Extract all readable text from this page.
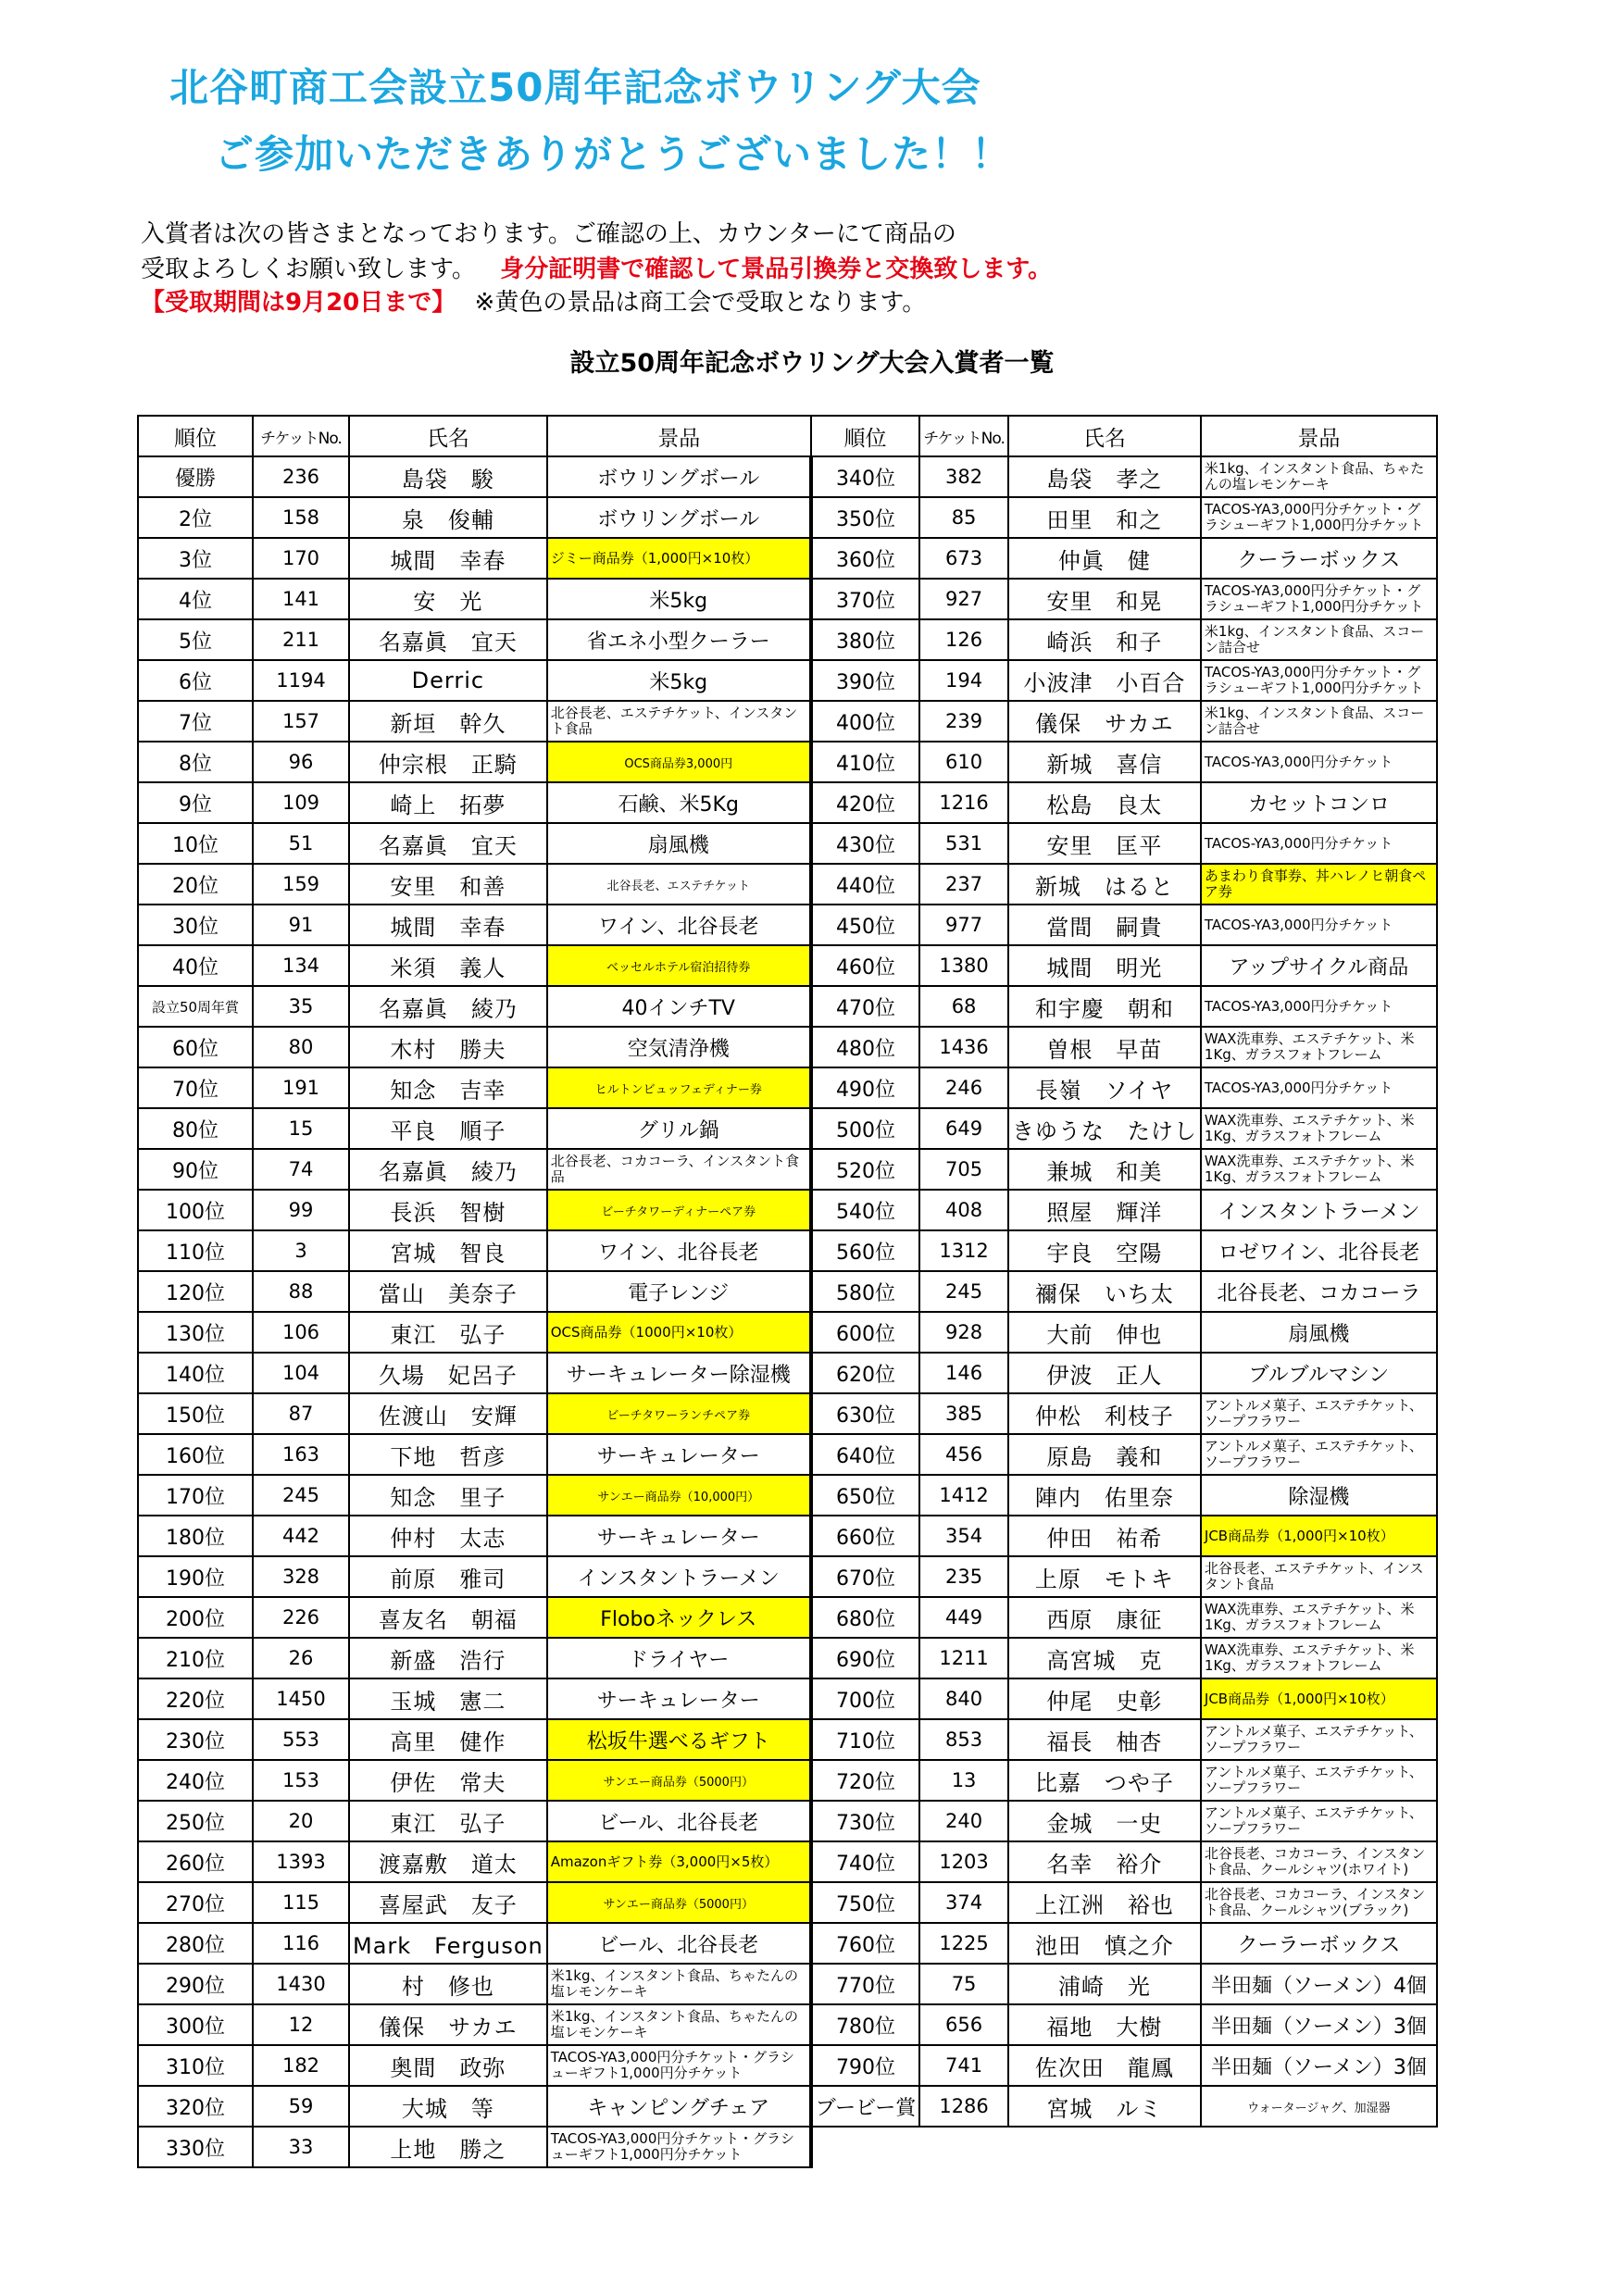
北谷町商工会設立50周年記念ボウリング大会
ご参加いただきありがとうございました！！
入賞者は次の皆さまとなっております。ご確認の上、カウンターにて商品の
受取よろしくお願い致します。 身分証明書で確認して景品引換券と交換致します。
【受取期間は9月20日まで】 ※黄色の景品は商工会で受取となります。
設立50周年記念ボウリング大会入賞者一覧
順位	チケットNo.	氏名	景品	順位	チケットNo.	氏名	景品
優勝	236	島袋　駿	ボウリングボール	340位	382	島袋　孝之	米1kg、インスタント食品、ちゃたんの塩レモンケーキ
2位	158	泉　俊輔	ボウリングボール	350位	85	田里　和之	TACOS-YA3,000円分チケット・グラシューギフト1,000円分チケット
3位	170	城間　幸春	ジミー商品券（1,000円×10枚）	360位	673	仲眞　健	クーラーボックス
4位	141	安　光	米5kg	370位	927	安里　和晃	TACOS-YA3,000円分チケット・グラシューギフト1,000円分チケット
5位	211	名嘉眞　宜天	省エネ小型クーラー	380位	126	崎浜　和子	米1kg、インスタント食品、スコーン詰合せ
6位	1194	Derric	米5kg	390位	194	小波津　小百合	TACOS-YA3,000円分チケット・グラシューギフト1,000円分チケット
7位	157	新垣　幹久	北谷長老、エステチケット、インスタント食品	400位	239	儀保　サカエ	米1kg、インスタント食品、スコーン詰合せ
8位	96	仲宗根　正騎	OCS商品券3,000円	410位	610	新城　喜信	TACOS-YA3,000円分チケット
9位	109	崎上　拓夢	石鹸、米5Kg	420位	1216	松島　良太	カセットコンロ
10位	51	名嘉眞　宜天	扇風機	430位	531	安里　匡平	TACOS-YA3,000円分チケット
20位	159	安里　和善	北谷長老、エステチケット	440位	237	新城　はると	あまわり食事券、丼ハレノヒ朝食ペア券
30位	91	城間　幸春	ワイン、北谷長老	450位	977	當間　嗣貴	TACOS-YA3,000円分チケット
40位	134	米須　義人	ベッセルホテル宿泊招待券	460位	1380	城間　明光	アップサイクル商品
設立50周年賞	35	名嘉眞　綾乃	40インチTV	470位	68	和宇慶　朝和	TACOS-YA3,000円分チケット
60位	80	木村　勝夫	空気清浄機	480位	1436	曽根　早苗	WAX洗車券、エステチケット、米1Kg、ガラスフォトフレーム
70位	191	知念　吉幸	ヒルトンビュッフェディナー券	490位	246	長嶺　ソイヤ	TACOS-YA3,000円分チケット
80位	15	平良　順子	グリル鍋	500位	649	きゆうな　たけし	WAX洗車券、エステチケット、米1Kg、ガラスフォトフレーム
90位	74	名嘉眞　綾乃	北谷長老、コカコーラ、インスタント食品	520位	705	兼城　和美	WAX洗車券、エステチケット、米1Kg、ガラスフォトフレーム
100位	99	長浜　智樹	ビーチタワーディナーペア券	540位	408	照屋　輝洋	インスタントラーメン
110位	3	宮城　智良	ワイン、北谷長老	560位	1312	宇良　空陽	ロゼワイン、北谷長老
120位	88	當山　美奈子	電子レンジ	580位	245	禰保　いち太	北谷長老、コカコーラ
130位	106	東江　弘子	OCS商品券（1000円×10枚）	600位	928	大前　伸也	扇風機
140位	104	久場　妃呂子	サーキュレーター除湿機	620位	146	伊波　正人	ブルブルマシン
150位	87	佐渡山　安輝	ビーチタワーランチペア券	630位	385	仲松　利枝子	アントルメ菓子、エステチケット、ソープフラワー
160位	163	下地　哲彦	サーキュレーター	640位	456	原島　義和	アントルメ菓子、エステチケット、ソープフラワー
170位	245	知念　里子	サンエー商品券（10,000円）	650位	1412	陣内　佑里奈	除湿機
180位	442	仲村　太志	サーキュレーター	660位	354	仲田　祐希	JCB商品券（1,000円×10枚）
190位	328	前原　雅司	インスタントラーメン	670位	235	上原　モトキ	北谷長老、エステチケット、インスタント食品
200位	226	喜友名　朝福	Floboネックレス	680位	449	西原　康征	WAX洗車券、エステチケット、米1Kg、ガラスフォトフレーム
210位	26	新盛　浩行	ドライヤー	690位	1211	高宮城　克	WAX洗車券、エステチケット、米1Kg、ガラスフォトフレーム
220位	1450	玉城　憲二	サーキュレーター	700位	840	仲尾　史彰	JCB商品券（1,000円×10枚）
230位	553	高里　健作	松坂牛選べるギフト	710位	853	福長　柚杏	アントルメ菓子、エステチケット、ソープフラワー
240位	153	伊佐　常夫	サンエー商品券（5000円）	720位	13	比嘉　つや子	アントルメ菓子、エステチケット、ソープフラワー
250位	20	東江　弘子	ビール、北谷長老	730位	240	金城　一史	アントルメ菓子、エステチケット、ソープフラワー
260位	1393	渡嘉敷　道太	Amazonギフト券（3,000円×5枚）	740位	1203	名幸　裕介	北谷長老、コカコーラ、インスタント食品、クールシャツ(ホワイト)
270位	115	喜屋武　友子	サンエー商品券（5000円）	750位	374	上江洲　裕也	北谷長老、コカコーラ、インスタント食品、クールシャツ(ブラック)
280位	116	Mark　Ferguson	ビール、北谷長老	760位	1225	池田　慎之介	クーラーボックス
290位	1430	村　修也	米1kg、インスタント食品、ちゃたんの塩レモンケーキ	770位	75	浦崎　光	半田麺（ソーメン）4個
300位	12	儀保　サカエ	米1kg、インスタント食品、ちゃたんの塩レモンケーキ	780位	656	福地　大樹	半田麺（ソーメン）3個
310位	182	奥間　政弥	TACOS-YA3,000円分チケット・グラシューギフト1,000円分チケット	790位	741	佐次田　龍鳳	半田麺（ソーメン）3個
320位	59	大城　等	キャンピングチェア	ブービー賞	1286	宮城　ルミ	ウォータージャグ、加湿器
330位	33	上地　勝之	TACOS-YA3,000円分チケット・グラシューギフト1,000円分チケット				
